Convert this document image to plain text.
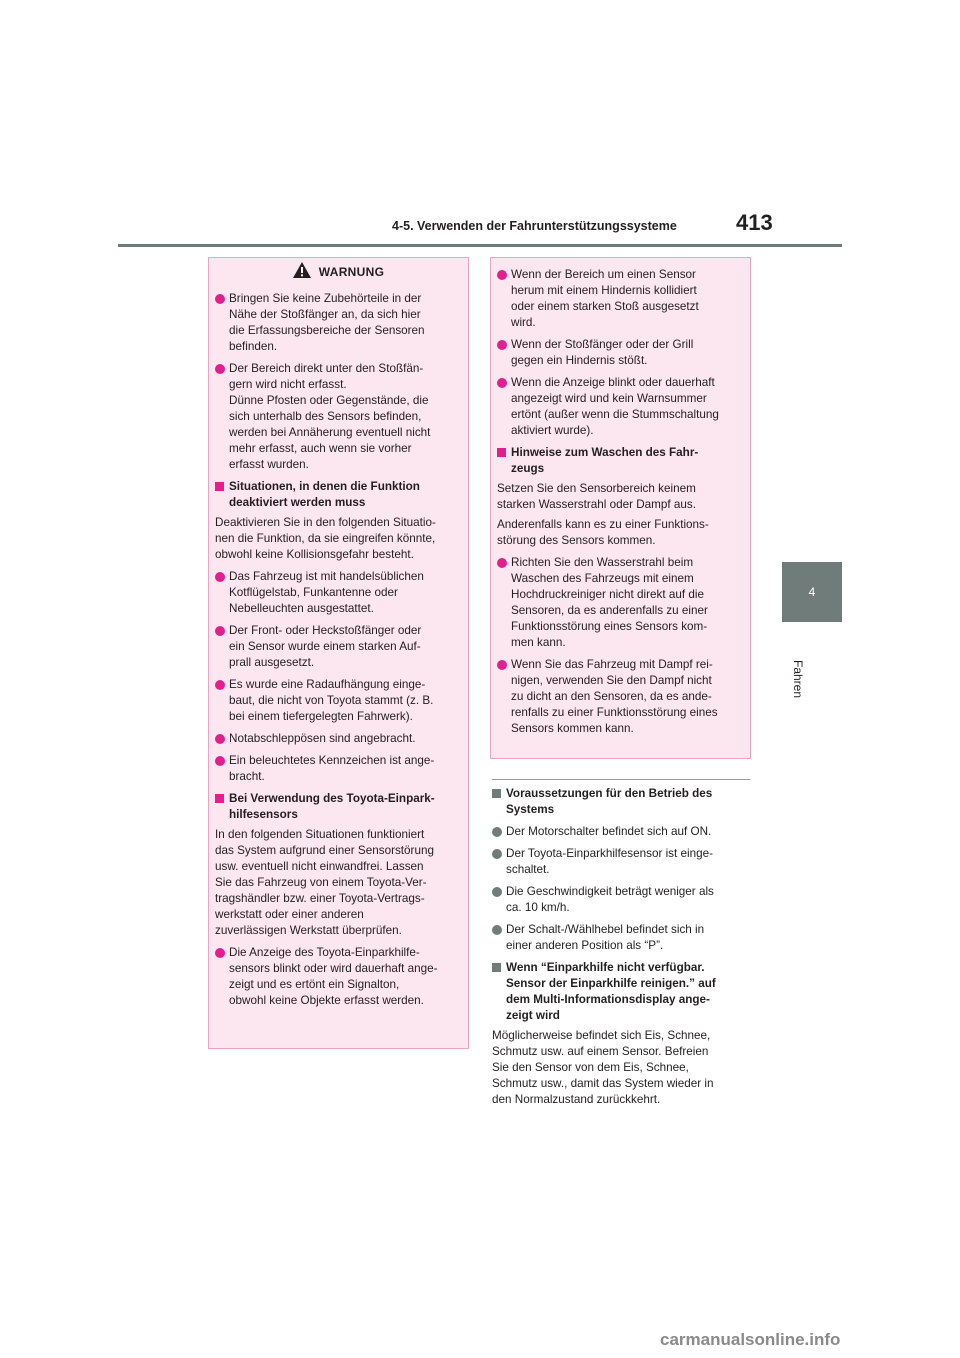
4-5. Verwenden der Fahrunterstützungssysteme	413
4
Fahren
WARNUNG
Bringen Sie keine Zubehörteile in der
Nähe der Stoßfänger an, da sich hier
die Erfassungsbereiche der Sensoren
befinden.
Der Bereich direkt unter den Stoßfän-
gern wird nicht erfasst.
Dünne Pfosten oder Gegenstände, die
sich unterhalb des Sensors befinden,
werden bei Annäherung eventuell nicht
mehr erfasst, auch wenn sie vorher
erfasst wurden.
Situationen, in denen die Funktion
deaktiviert werden muss
Deaktivieren Sie in den folgenden Situatio-
nen die Funktion, da sie eingreifen könnte,
obwohl keine Kollisionsgefahr besteht.
Das Fahrzeug ist mit handelsüblichen
Kotflügelstab, Funkantenne oder
Nebelleuchten ausgestattet.
Der Front- oder Heckstoßfänger oder
ein Sensor wurde einem starken Auf-
prall ausgesetzt.
Es wurde eine Radaufhängung einge-
baut, die nicht von Toyota stammt (z. B.
bei einem tiefergelegten Fahrwerk).
Notabschleppösen sind angebracht.
Ein beleuchtetes Kennzeichen ist ange-
bracht.
Bei Verwendung des Toyota-Einpark-
hilfesensors
In den folgenden Situationen funktioniert
das System aufgrund einer Sensorstörung
usw. eventuell nicht einwandfrei. Lassen
Sie das Fahrzeug von einem Toyota-Ver-
tragshändler bzw. einer Toyota-Vertrags-
werkstatt oder einer anderen
zuverlässigen Werkstatt überprüfen.
Die Anzeige des Toyota-Einparkhilfe-
sensors blinkt oder wird dauerhaft ange-
zeigt und es ertönt ein Signalton,
obwohl keine Objekte erfasst werden.
Wenn der Bereich um einen Sensor
herum mit einem Hindernis kollidiert
oder einem starken Stoß ausgesetzt
wird.
Wenn der Stoßfänger oder der Grill
gegen ein Hindernis stößt.
Wenn die Anzeige blinkt oder dauerhaft
angezeigt wird und kein Warnsummer
ertönt (außer wenn die Stummschaltung
aktiviert wurde).
Hinweise zum Waschen des Fahr-
zeugs
Setzen Sie den Sensorbereich keinem
starken Wasserstrahl oder Dampf aus.
Anderenfalls kann es zu einer Funktions-
störung des Sensors kommen.
Richten Sie den Wasserstrahl beim
Waschen des Fahrzeugs mit einem
Hochdruckreiniger nicht direkt auf die
Sensoren, da es anderenfalls zu einer
Funktionsstörung eines Sensors kom-
men kann.
Wenn Sie das Fahrzeug mit Dampf rei-
nigen, verwenden Sie den Dampf nicht
zu dicht an den Sensoren, da es ande-
renfalls zu einer Funktionsstörung eines
Sensors kommen kann.
Voraussetzungen für den Betrieb des
Systems
Der Motorschalter befindet sich auf ON.
Der Toyota-Einparkhilfesensor ist einge-
schaltet.
Die Geschwindigkeit beträgt weniger als
ca. 10 km/h.
Der Schalt-/Wählhebel befindet sich in
einer anderen Position als “P”.
Wenn “Einparkhilfe nicht verfügbar.
Sensor der Einparkhilfe reinigen.” auf
dem Multi-Informationsdisplay ange-
zeigt wird
Möglicherweise befindet sich Eis, Schnee,
Schmutz usw. auf einem Sensor. Befreien
Sie den Sensor von dem Eis, Schnee,
Schmutz usw., damit das System wieder in
den Normalzustand zurückkehrt.
carmanualsonline.info
